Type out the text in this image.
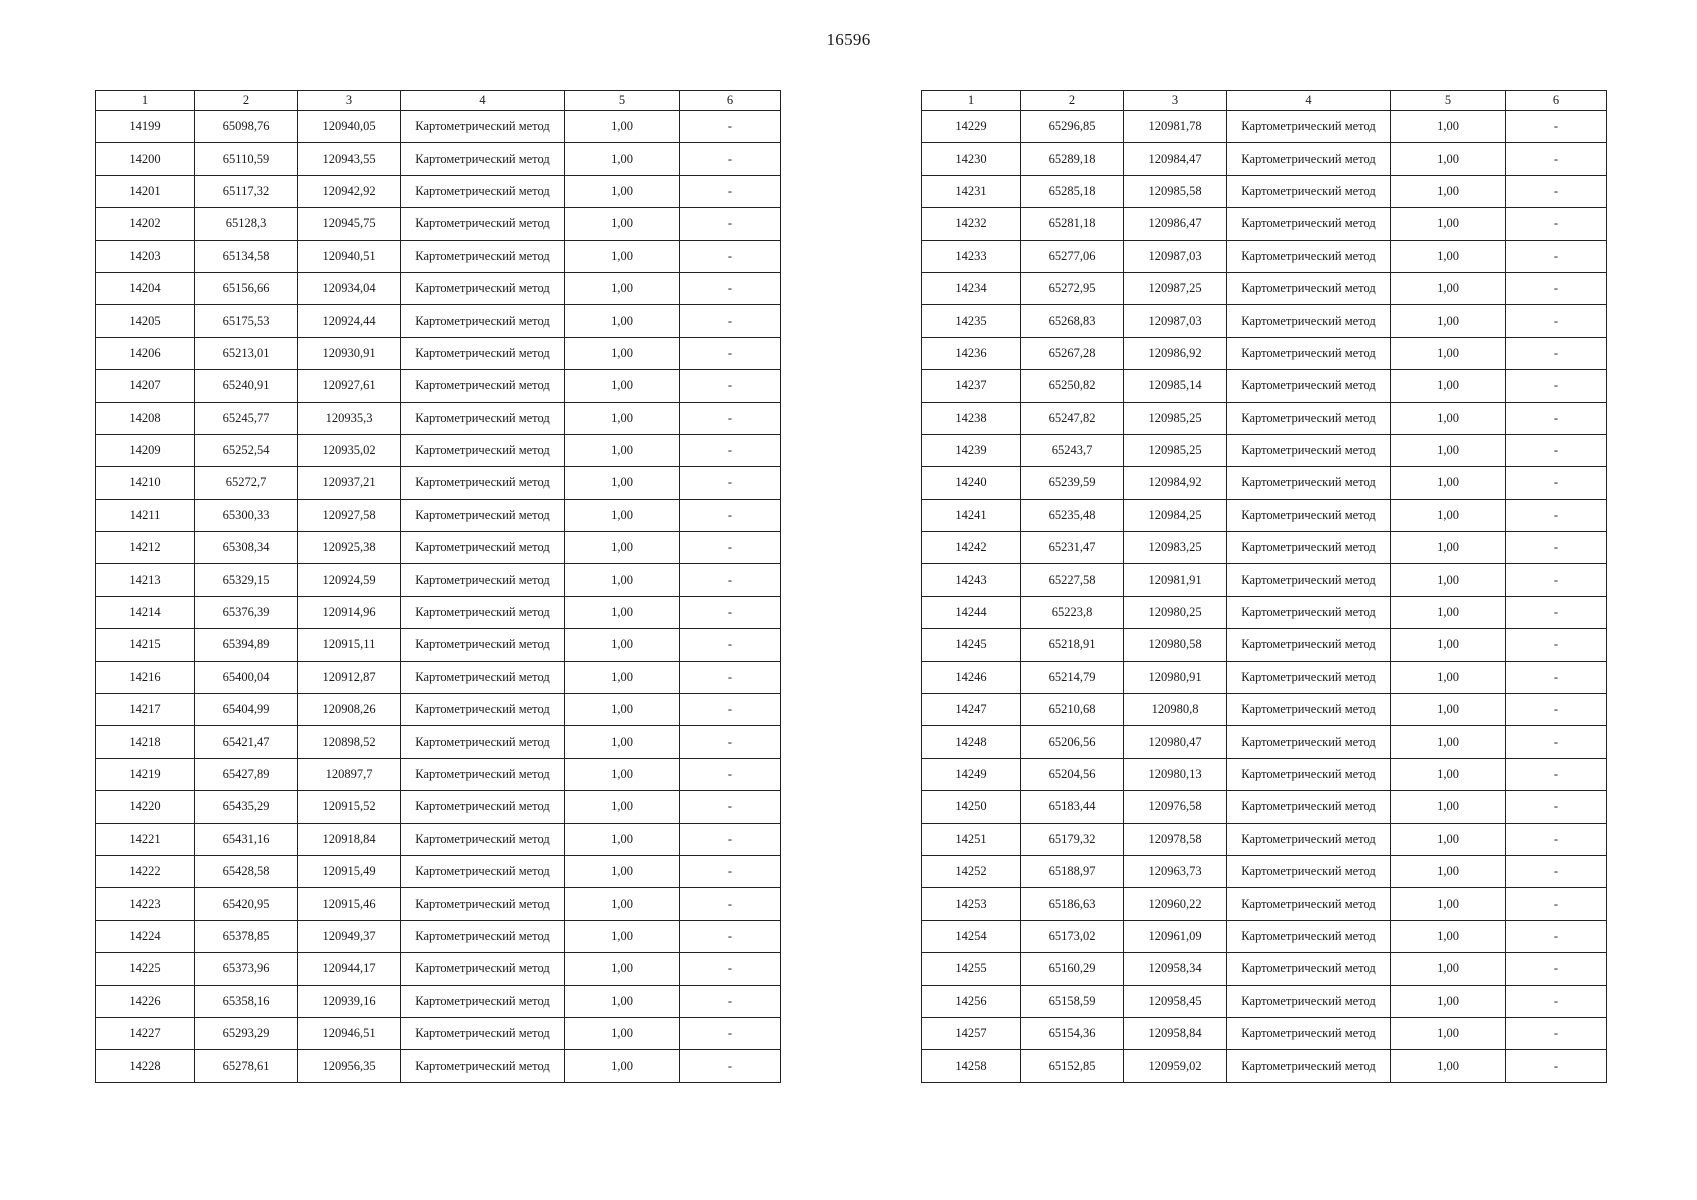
16596
1	2	3	4	5	6
14199	65098,76	120940,05	Картометрический метод	1,00	-
14200	65110,59	120943,55	Картометрический метод	1,00	-
14201	65117,32	120942,92	Картометрический метод	1,00	-
14202	65128,3	120945,75	Картометрический метод	1,00	-
14203	65134,58	120940,51	Картометрический метод	1,00	-
14204	65156,66	120934,04	Картометрический метод	1,00	-
14205	65175,53	120924,44	Картометрический метод	1,00	-
14206	65213,01	120930,91	Картометрический метод	1,00	-
14207	65240,91	120927,61	Картометрический метод	1,00	-
14208	65245,77	120935,3	Картометрический метод	1,00	-
14209	65252,54	120935,02	Картометрический метод	1,00	-
14210	65272,7	120937,21	Картометрический метод	1,00	-
14211	65300,33	120927,58	Картометрический метод	1,00	-
14212	65308,34	120925,38	Картометрический метод	1,00	-
14213	65329,15	120924,59	Картометрический метод	1,00	-
14214	65376,39	120914,96	Картометрический метод	1,00	-
14215	65394,89	120915,11	Картометрический метод	1,00	-
14216	65400,04	120912,87	Картометрический метод	1,00	-
14217	65404,99	120908,26	Картометрический метод	1,00	-
14218	65421,47	120898,52	Картометрический метод	1,00	-
14219	65427,89	120897,7	Картометрический метод	1,00	-
14220	65435,29	120915,52	Картометрический метод	1,00	-
14221	65431,16	120918,84	Картометрический метод	1,00	-
14222	65428,58	120915,49	Картометрический метод	1,00	-
14223	65420,95	120915,46	Картометрический метод	1,00	-
14224	65378,85	120949,37	Картометрический метод	1,00	-
14225	65373,96	120944,17	Картометрический метод	1,00	-
14226	65358,16	120939,16	Картометрический метод	1,00	-
14227	65293,29	120946,51	Картометрический метод	1,00	-
14228	65278,61	120956,35	Картометрический метод	1,00	-
1	2	3	4	5	6
14229	65296,85	120981,78	Картометрический метод	1,00	-
14230	65289,18	120984,47	Картометрический метод	1,00	-
14231	65285,18	120985,58	Картометрический метод	1,00	-
14232	65281,18	120986,47	Картометрический метод	1,00	-
14233	65277,06	120987,03	Картометрический метод	1,00	-
14234	65272,95	120987,25	Картометрический метод	1,00	-
14235	65268,83	120987,03	Картометрический метод	1,00	-
14236	65267,28	120986,92	Картометрический метод	1,00	-
14237	65250,82	120985,14	Картометрический метод	1,00	-
14238	65247,82	120985,25	Картометрический метод	1,00	-
14239	65243,7	120985,25	Картометрический метод	1,00	-
14240	65239,59	120984,92	Картометрический метод	1,00	-
14241	65235,48	120984,25	Картометрический метод	1,00	-
14242	65231,47	120983,25	Картометрический метод	1,00	-
14243	65227,58	120981,91	Картометрический метод	1,00	-
14244	65223,8	120980,25	Картометрический метод	1,00	-
14245	65218,91	120980,58	Картометрический метод	1,00	-
14246	65214,79	120980,91	Картометрический метод	1,00	-
14247	65210,68	120980,8	Картометрический метод	1,00	-
14248	65206,56	120980,47	Картометрический метод	1,00	-
14249	65204,56	120980,13	Картометрический метод	1,00	-
14250	65183,44	120976,58	Картометрический метод	1,00	-
14251	65179,32	120978,58	Картометрический метод	1,00	-
14252	65188,97	120963,73	Картометрический метод	1,00	-
14253	65186,63	120960,22	Картометрический метод	1,00	-
14254	65173,02	120961,09	Картометрический метод	1,00	-
14255	65160,29	120958,34	Картометрический метод	1,00	-
14256	65158,59	120958,45	Картометрический метод	1,00	-
14257	65154,36	120958,84	Картометрический метод	1,00	-
14258	65152,85	120959,02	Картометрический метод	1,00	-
